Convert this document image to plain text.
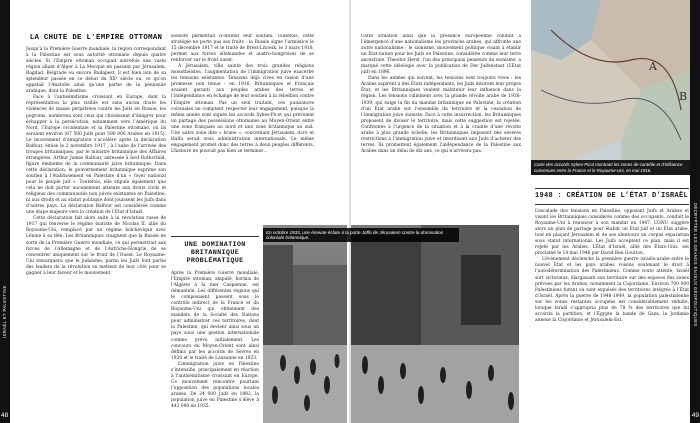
ISRAËL ET PALESTINE
48
DÉCRYPTER LES GRANDS ENJEUX GÉOPOLITIQUES
49
LA CHUTE DE L’EMPIRE OTTOMAN

Jusqu’à la Première Guerre mondiale, la région correspondant à la Palestine est sous autorité ottomane depuis quatre siècles. Si l’Empire ottoman occupait autrefois une vaste région allant d’Alger à La Mecque en passant par Jérusalem, Bagdad, Belgrade ou encore Budapest, il est bien loin de sa splendeur passée en ce début du XXᵉ siècle ou, ce qu’on appelait l’Anatolie ainsi qu’une partie de la péninsule arabique, dont la Palestine.

Face à l’antisémitisme croissant en Europe, dont la représentation la plus visible est sans aucun doute les violences de masse perpétrées contre les Juifs en Russie, les pogroms, nombreux sont ceux qui choisissent d’émigrer pour échapper à la persécution, notamment vers l’Amérique du Nord, l’Europe occidentale et la Palestine ottomane, où ils seraient environ (87 500 Juifs pour 590 000 Arabes en 1915). Le mouvement d’émigration s’accélère après la déclaration Balfour, émise le 2 novembre 1917 ; à l’aube de l’arrivée des troupes britanniques, par le ministre britannique des Affaires étrangères, Arthur James Balfour, adressée à lord Rothschild, figure éminente de la communauté juive britannique. Dans cette déclaration, le gouvernement britannique exprime son soutien à l’établissement en Palestine d’un « foyer national pour le peuple juif ». Toutefois, elle stipule également que cela ne doit porter aucunement atteinte aux droits civils et religieux des communautés non juives existantes en Palestine, ni aux droits et au statut politique dont jouissent les Juifs dans d’autres pays. La déclaration Balfour est considérée comme une étape majeure vers la création de l’État d’Israël.

Cette déclaration fait alors suite à la révolution russe de 1917 qui renverse le régime tsariste de Nicolas II, allié du Royaume-Uni, remplacé par un régime bolchévique avec Lénine à sa tête. Les Britanniques craignent que la Russie ne sorte de la Première Guerre mondiale, ce qui permettrait aux forces de l’Allemagne et de l’Autriche-Hongrie de se concentrer uniquement sur le front de l’Ouest. Le Royaume-Uni remarquera que le judaïsme, parmi les Juifs font partie des leaders de la révolution se mettent de leur côté pour se gagner à leur faveur et le mouvement

sioniste permettait d’obtenir leur soutien. Toutefois, cette stratégie ne porte pas ses fruits : la Russie signe l’armistice le 15 décembre 1917 et le traité de Brest-Litovsk, le 3 mars 1918, permet aux forces allemandes et austro-hongroises de se renforcer sur le front ouest.

À Jérusalem, ville sainte des trois grandes religions monothéistes, l’augmentation de l’immigration juive exacerbe les tensions existantes. Tensions déjà vives en raison d’une promesse non tenue : en 1916, Britanniques et Français avaient garanti aux peuples arabes des terres et l’indépendance en échange de leur soutien à la rébellion contre l’Empire ottoman. Pas un seul traitant, ces puissances coloniales ne comptent respecter leur engagement, puisque la même année sont signés les accords Sykes-Picot qui prévoient un partage des possessions ottomanes au Moyen-Orient entre une zone française au nord et une zone britannique au sud. Une autre zone dite « brune », concernant Jérusalem, Acre et Haïfa serait sous administration internationale. Le même engagement promet donc des terres à deux peuples différents. L’histoire ne pouvait pas bien se terminer…

UNE DOMINATION BRITANNIQUE PROBLÉMATIQUE

Après la Première Guerre mondiale, l’Empire ottoman, amputé, hormis de l’Algérie à la mer Caspienne, est démantelé. Les différentes régions qui le composaient passent sous le contrôle indirect de la France et du Royaume-Uni qui obtiennent des mandats de la Société des Nations pour administrer ces territoires, dont la Palestine, qui devient ainsi sous un pays sous une gestion internationale comme prévu initialement. Les concours du Moyen-Orient sont ainsi définis par les accords de Sèvres en 1920 et le traité de Lausanne en 1923.

L’immigration juive en Palestine s’intensifie, principalement en réaction à l’antisémitisme croissant en Europe. Ce mouvement rencontre pourtant l’opposition des populations locales arabes. De 24 000 Juifs en 1882, la population juive en Palestine s’élève à 443 000 en 1935.

En octobre 1933, une émeute éclate à la porte Jaffa de Jérusalem contre la domination coloniale britannique.

Cette situation ainsi que la présence européenne conduit à l’émergence d’une nationalisme les provinces arabes, qui affronte une autre nationalisme : le sionisme, mouvement politique visant à établir un État-nation pour les Juifs en Palestine, considérée comme leur terre ancestrale. Theodor Herzl, l’un des principaux penseurs du sionisme, a marqué cette idéologie avec la publication de Der Judenstaat (L’État juif) en 1896.

Dans les années qui suivent, les tensions sont toujours vives : les Arabes aspirent à des États indépendants, les Juifs désirent leur propre État, et les Britanniques veulent maintenir leur influence dans la région. Les tensions culminent avec la grande révolte arabe de 1936-1939, qui exige la fin du mandat britannique en Palestine, la création d’un État arabe sur l’ensemble du territoire et la cessation de l’immigration juive sioniste. Face à cette insurrection, les Britanniques proposent de diviser le territoire, mais cette suggestion est rejetée. Confrontés à l’urgence de la situation et à la crainte d’une révolte arabe à plus grande échelle, les Britanniques imposent des sévères restrictions à l’immigration juive et interdisent aux Juifs d’acheter des terres. Ils promettent également l’indépendance de la Palestine aux Arabes dans un délai de dix ans, ce qui n’arrivera pas.

A
B
Carte des accords Sykes-Picot montrant les zones de contrôle et d’influence convenues entre la France et le Royaume-Uni, en mai 1916.
1948 : CRÉATION DE L’ÉTAT D’ISRAËL

L’escalade des tensions en Palestine, opposant Juifs et Arabes et visant les Britanniques considérés comme des occupants, conduit le Royaume-Uni à renoncer à son mandat en 1947. L’ONU suggère alors un plan de partage pour établir un État juif et un État arabe, tout en plaçant Jérusalem et de ses alentours un corpus separatum sous statut international. Les Juifs acceptent ce plan, mais il est rejeté par les Arabes. L’État d’Israël, allié des États-Unis, est proclamé le 14 mai 1948 par David Ben Gourion.

L’événement déclenche la première guerre israélo-arabe entre le nouvel État et les pays arabes voisins soutenant le droit à l’autodétermination des Palestiniens. Comme toute attente, Israël sort victorieux, élargissant son territoire sur des espaces des zones prévues par les Arabes, notamment la Cisjordanie. Environ 700 000 Palestiniens furent ou sont expulsés des territoires intégrés à l’État d’Israël. Après la guerre de 1948-1949, la population palestinienne sur les zones restantes occupées est considérablement réduite, lorsque Israël s’appropria plus de 78 % des territoires que lui accorda la partition, et l’Égypte la bande de Gaza, la Jordanie annexe la Cisjordanie et Jérusalem-Est.
